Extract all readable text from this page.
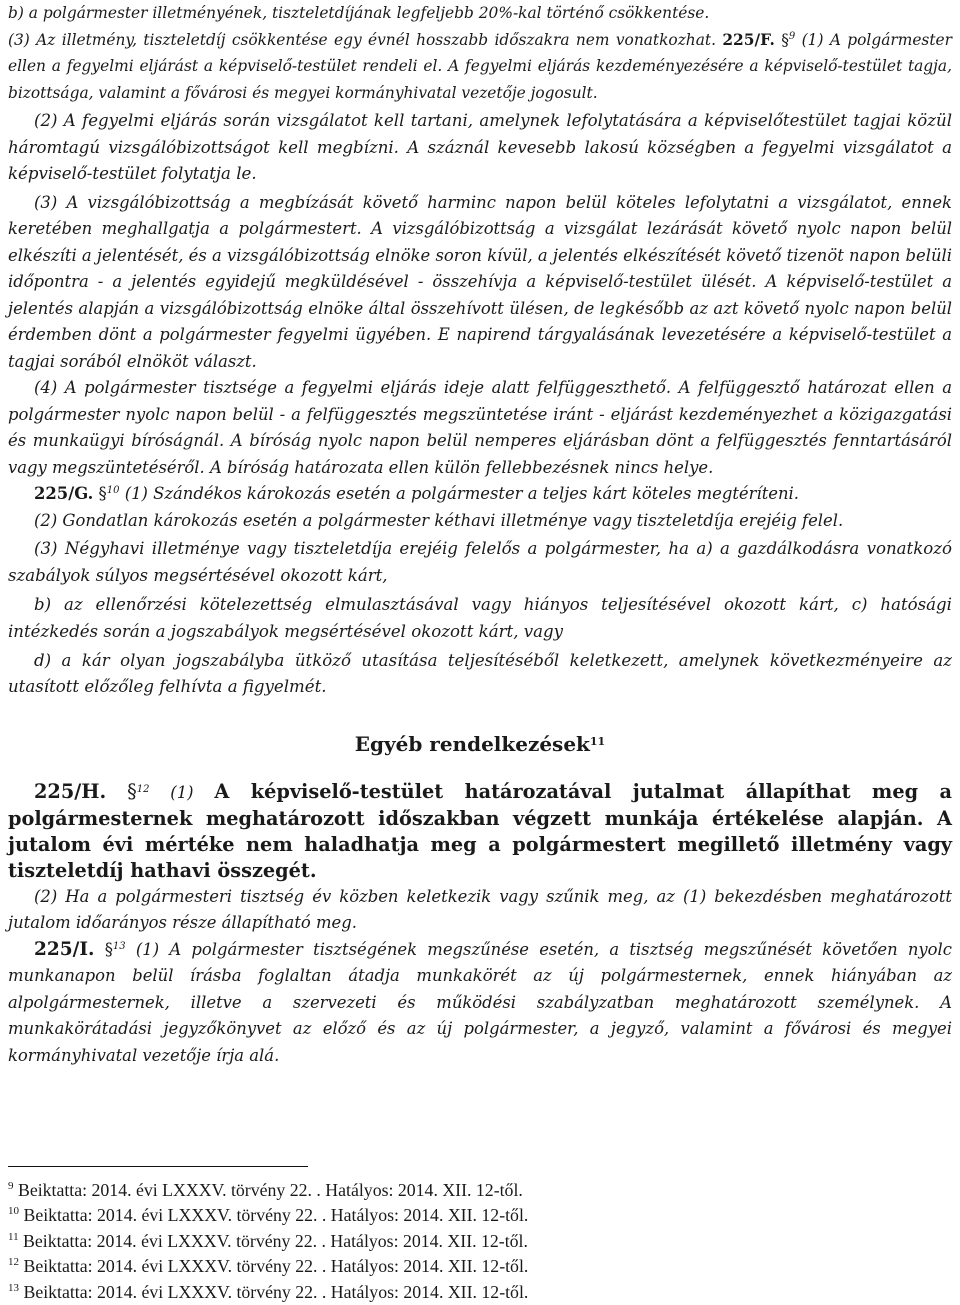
b) a polgármester illetményének, tiszteletdíjának legfeljebb 20%-kal történő csökkentése.

(3) Az illetmény, tiszteletdíj csökkentése egy évnél hosszabb időszakra nem vonatkozhat. 225/F. §$^9$ (1) A polgármester ellen a fegyelmi eljárást a képviselő-testület rendeli el. A fegyelmi eljárás kezdeményezésére a képviselő-testület tagja, bizottsága, valamint a fővárosi és megyei kormányhivatal vezetője jogosult.

(2) A fegyelmi eljárás során vizsgálatot kell tartani, amelynek lefolytatására a képviselőtestület tagjai közül háromtagú vizsgálóbizottságot kell megbízni. A száznál kevesebb lakosú községben a fegyelmi vizsgálatot a képviselő-testület folytatja le.

(3) A vizsgálóbizottság a megbízását követő harminc napon belül köteles lefolytatni a vizsgálatot, ennek keretében meghallgatja a polgármestert. A vizsgálóbizottság a vizsgálat lezárását követő nyolc napon belül elkészíti a jelentését, és a vizsgálóbizottság elnöke soron kívül, a jelentés elkészítését követő tizenöt napon belüli időpontra - a jelentés egyidejű megküldésével - összehívja a képviselő-testület ülését. A képviselő-testület a jelentés alapján a vizsgálóbizottság elnöke által összehívott ülésen, de legkésőbb az azt követő nyolc napon belül érdemben dönt a polgármester fegyelmi ügyében. E napirend tárgyalásának levezetésére a képviselő-testület a tagjai sorából elnököt választ.

(4) A polgármester tisztsége a fegyelmi eljárás ideje alatt felfüggeszthető. A felfüggesztő határozat ellen a polgármester nyolc napon belül - a felfüggesztés megszüntetése iránt - eljárást kezdeményezhet a közigazgatási és munkaügyi bíróságnál. A bíróság nyolc napon belül nemperes eljárásban dönt a felfüggesztés fenntartásáról vagy megszüntetéséről. A bíróság határozata ellen külön fellebbezésnek nincs helye.

225/G. §$^{10}$ (1) Szándékos károkozás esetén a polgármester a teljes kárt köteles megtéríteni.

(2) Gondatlan károkozás esetén a polgármester kéthavi illetménye vagy tiszteletdíja erejéig felel.

(3) Négyhavi illetménye vagy tiszteletdíja erejéig felelős a polgármester, ha a) a gazdálkodásra vonatkozó szabályok súlyos megsértésével okozott kárt,

b) az ellenőrzési kötelezettség elmulasztásával vagy hiányos teljesítésével okozott kárt, c) hatósági intézkedés során a jogszabályok megsértésével okozott kárt, vagy

d) a kár olyan jogszabályba ütköző utasítása teljesítéséből keletkezett, amelynek következményeire az utasított előzőleg felhívta a figyelmét.

Egyéb rendelkezések$^{11}$

225/H. §$^{12}$ (1) A képviselő-testület határozatával jutalmat állapíthat meg a polgármesternek meghatározott időszakban végzett munkája értékelése alapján. A jutalom évi mértéke nem haladhatja meg a polgármestert megillető illetmény vagy tiszteletdíj hathavi összegét.

(2) Ha a polgármesteri tisztség év közben keletkezik vagy szűnik meg, az (1) bekezdésben meghatározott jutalom időarányos része állapítható meg.

225/I. §$^{13}$ (1) A polgármester tisztségének megszűnése esetén, a tisztség megszűnését követően nyolc munkanapon belül írásba foglaltan átadja munkakörét az új polgármesternek, ennek hiányában az alpolgármesternek, illetve a szervezeti és működési szabályzatban meghatározott személynek. A munkakörátadási jegyzőkönyvet az előző és az új polgármester, a jegyző, valamint a fővárosi és megyei kormányhivatal vezetője írja alá.

$^9$ Beiktatta: 2014. évi LXXXV. törvény 22. . Hatályos: 2014. XII. 12-től.

$^{10}$ Beiktatta: 2014. évi LXXXV. törvény 22. . Hatályos: 2014. XII. 12-től.

$^{11}$ Beiktatta: 2014. évi LXXXV. törvény 22. . Hatályos: 2014. XII. 12-től.

$^{12}$ Beiktatta: 2014. évi LXXXV. törvény 22. . Hatályos: 2014. XII. 12-től.

$^{13}$ Beiktatta: 2014. évi LXXXV. törvény 22. . Hatályos: 2014. XII. 12-től.
